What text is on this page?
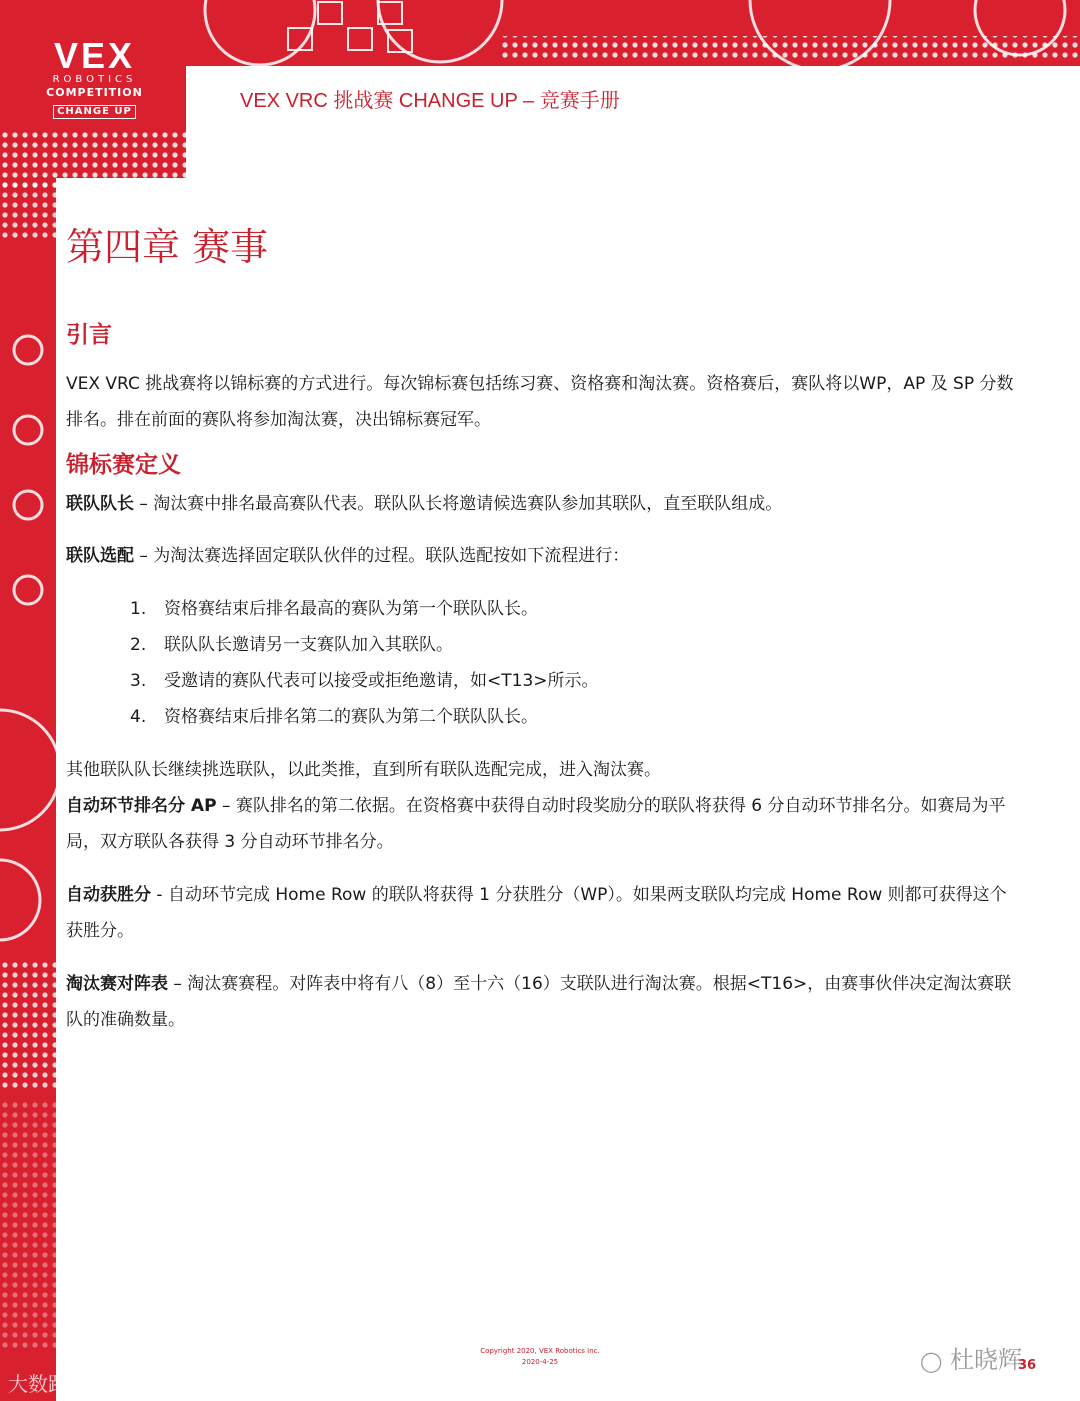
VEX
ROBOTICS
COMPETITION
CHANGE UP	VEX VRC 挑战赛 CHANGE UP – 竞赛手册
第四章 赛事
引言
VEX VRC 挑战赛将以锦标赛的方式进行。每次锦标赛包括练习赛、资格赛和淘汰赛。资格赛后，赛队将以WP，AP 及 SP 分数排名。排在前面的赛队将参加淘汰赛，决出锦标赛冠军。
锦标赛定义
联队队长 – 淘汰赛中排名最高赛队代表。联队队长将邀请候选赛队参加其联队，直至联队组成。
联队选配 – 为淘汰赛选择固定联队伙伴的过程。联队选配按如下流程进行：
1.	资格赛结束后排名最高的赛队为第一个联队队长。
2.	联队队长邀请另一支赛队加入其联队。
3.	受邀请的赛队代表可以接受或拒绝邀请，如<T13>所示。
4.	资格赛结束后排名第二的赛队为第二个联队队长。
其他联队队长继续挑选联队，以此类推，直到所有联队选配完成，进入淘汰赛。
自动环节排名分 AP – 赛队排名的第二依据。在资格赛中获得自动时段奖励分的联队将获得 6 分自动环节排名分。如赛局为平局，双方联队各获得 3 分自动环节排名分。
自动获胜分 - 自动环节完成 Home Row 的联队将获得 1 分获胜分（WP）。如果两支联队均完成 Home Row 则都可获得这个获胜分。
淘汰赛对阵表 – 淘汰赛赛程。对阵表中将有八（8）至十六（16）支联队进行淘汰赛。根据<T16>，由赛事伙伴决定淘汰赛联队的准确数量。
Copyright 2020, VEX Robotics Inc.
2020-4-25	36
◯ 杜晓辉
大数跨境
